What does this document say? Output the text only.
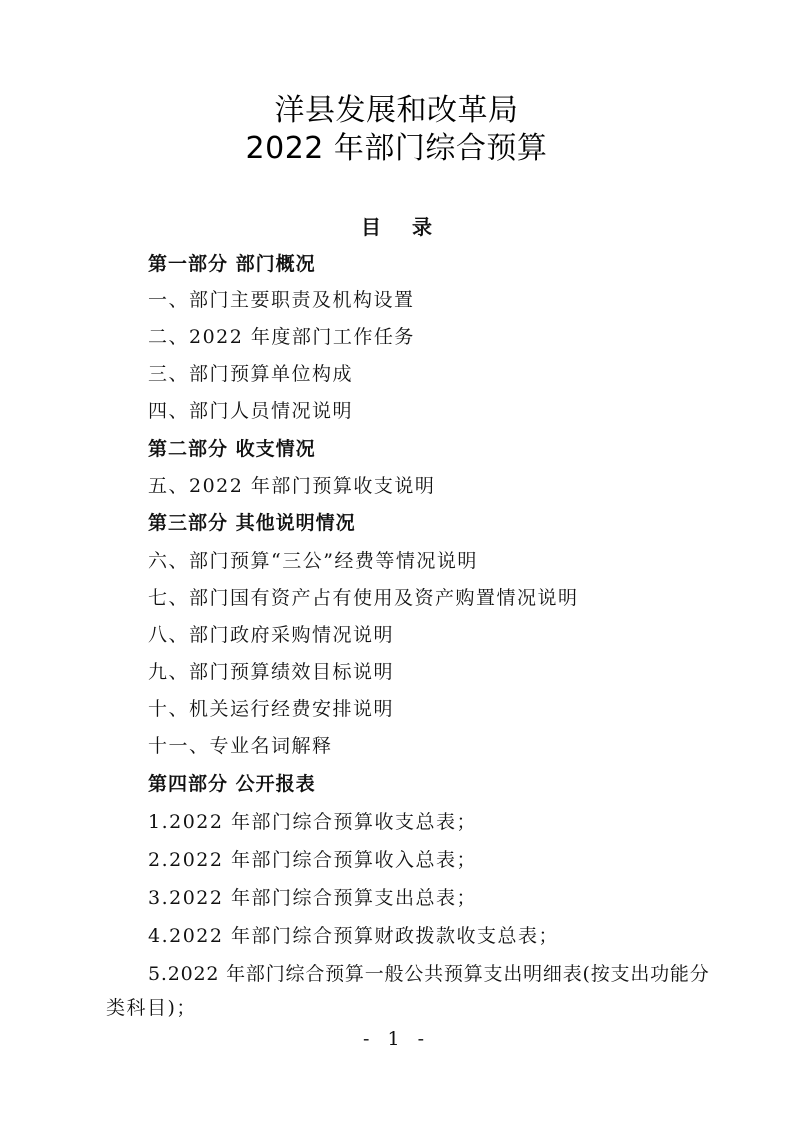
洋县发展和改革局
2022 年部门综合预算
目 录
第一部分 部门概况
一、部门主要职责及机构设置
二、2022 年度部门工作任务
三、部门预算单位构成
四、部门人员情况说明
第二部分 收支情况
五、2022 年部门预算收支说明
第三部分 其他说明情况
六、部门预算“三公”经费等情况说明
七、部门国有资产占有使用及资产购置情况说明
八、部门政府采购情况说明
九、部门预算绩效目标说明
十、机关运行经费安排说明
十一、专业名词解释
第四部分 公开报表
1.2022 年部门综合预算收支总表；
2.2022 年部门综合预算收入总表；
3.2022 年部门综合预算支出总表；
4.2022 年部门综合预算财政拨款收支总表；
5.2022 年部门综合预算一般公共预算支出明细表(按支出功能分
类科目)；
- 1 -
